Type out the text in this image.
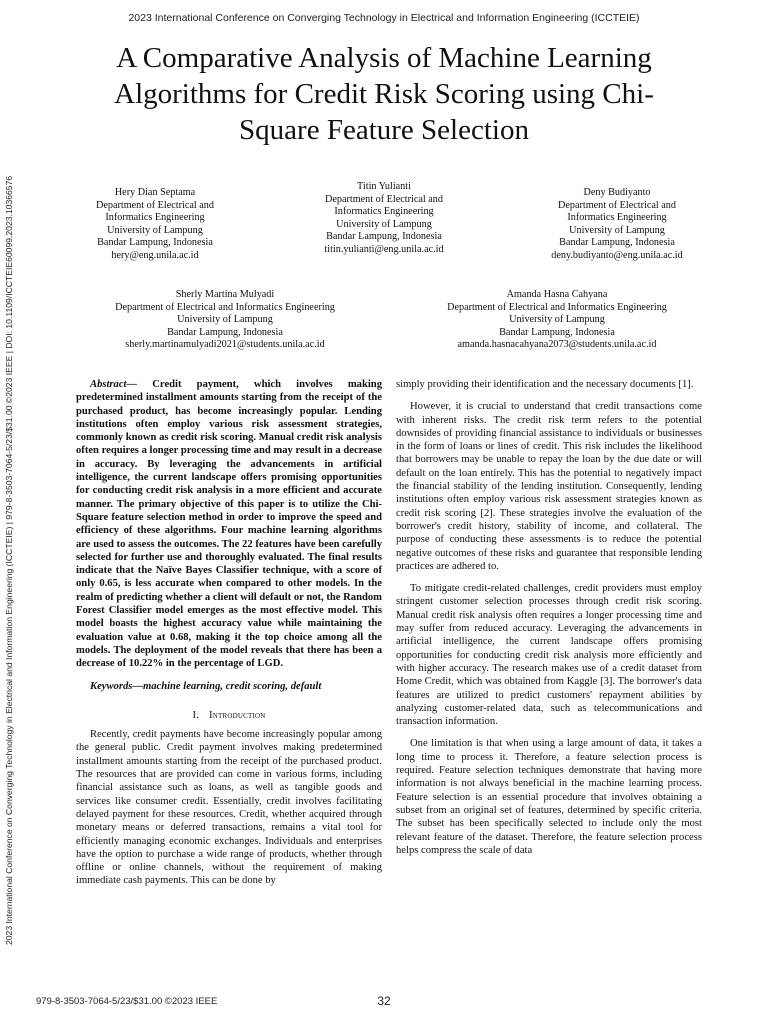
2023 International Conference on Converging Technology in Electrical and Information Engineering (ICCTEIE)
2023 International Conference on Converging Technology in Electrical and Information Engineering (ICCTEIE) | 979-8-3503-7064-5/23/$31.00 ©2023 IEEE | DOI: 10.1109/ICCTEIE60099.2023.10366576
A Comparative Analysis of Machine Learning
Algorithms for Credit Risk Scoring using Chi-
Square Feature Selection
Hery Dian Septama
Department of Electrical and
Informatics Engineering
University of Lampung
Bandar Lampung, Indonesia
hery@eng.unila.ac.id
Titin Yulianti
Department of Electrical and
Informatics Engineering
University of Lampung
Bandar Lampung, Indonesia
titin.yulianti@eng.unila.ac.id
Deny Budiyanto
Department of Electrical and
Informatics Engineering
University of Lampung
Bandar Lampung, Indonesia
deny.budiyanto@eng.unila.ac.id
Sherly Martina Mulyadi
Department of Electrical and Informatics Engineering
University of Lampung
Bandar Lampung, Indonesia
sherly.martinamulyadi2021@students.unila.ac.id
Amanda Hasna Cahyana
Department of Electrical and Informatics Engineering
University of Lampung
Bandar Lampung, Indonesia
amanda.hasnacahyana2073@students.unila.ac.id

Abstract— Credit payment, which involves making predetermined installment amounts starting from the receipt of the purchased product, has become increasingly popular. Lending institutions often employ various risk assessment strategies, commonly known as credit risk scoring. Manual credit risk analysis often requires a longer processing time and may result in a decrease in accuracy. By leveraging the advancements in artificial intelligence, the current landscape offers promising opportunities for conducting credit risk analysis in a more efficient and accurate manner. The primary objective of this paper is to utilize the Chi-Square feature selection method in order to improve the speed and efficiency of these algorithms. Four machine learning algorithms are used to assess the outcomes. The 22 features have been carefully selected for further use and thoroughly evaluated. The final results indicate that the Naïve Bayes Classifier technique, with a score of only 0.65, is less accurate when compared to other models. In the realm of predicting whether a client will default or not, the Random Forest Classifier model emerges as the most effective model. This model boasts the highest accuracy value while maintaining the evaluation value at 0.68, making it the top choice among all the models. The deployment of the model reveals that there has been a decrease of 10.22% in the percentage of LGD.

Keywords—machine learning, credit scoring, default

I. Introduction

Recently, credit payments have become increasingly popular among the general public. Credit payment involves making predetermined installment amounts starting from the receipt of the purchased product. The resources that are provided can come in various forms, including financial assistance such as loans, as well as tangible goods and services like consumer credit. Essentially, credit involves facilitating delayed payment for these resources. Credit, whether acquired through monetary means or deferred transactions, remains a vital tool for efficiently managing economic exchanges. Individuals and enterprises have the option to purchase a wide range of products, whether through offline or online channels, without the requirement of making immediate cash payments. This can be done by

simply providing their identification and the necessary documents [1].

However, it is crucial to understand that credit transactions come with inherent risks. The credit risk term refers to the potential downsides of providing financial assistance to individuals or businesses in the form of loans or lines of credit. This risk includes the likelihood that borrowers may be unable to repay the loan by the due date or will default on the loan entirely. This has the potential to negatively impact the financial stability of the lending institution. Consequently, lending institutions often employ various risk assessment strategies known as credit risk scoring [2]. These strategies involve the evaluation of the borrower's credit history, stability of income, and collateral. The purpose of conducting these assessments is to reduce the potential negative outcomes of these risks and guarantee that responsible lending practices are adhered to.

To mitigate credit-related challenges, credit providers must employ stringent customer selection processes through credit risk scoring. Manual credit risk analysis often requires a longer processing time and may suffer from reduced accuracy. Leveraging the advancements in artificial intelligence, the current landscape offers promising opportunities for conducting credit risk analysis more efficiently and with higher accuracy. The research makes use of a credit dataset from Home Credit, which was obtained from Kaggle [3]. The borrower's data features are utilized to predict customers' repayment abilities by analyzing customer-related data, such as telecommunications and transaction information.

One limitation is that when using a large amount of data, it takes a long time to process it. Therefore, a feature selection process is required. Feature selection techniques demonstrate that having more information is not always beneficial in the machine learning process. Feature selection is an essential procedure that involves obtaining a subset from an original set of features, determined by specific criteria. The subset has been specifically selected to include only the most relevant feature of the dataset. Therefore, the feature selection process helps compress the scale of data

979-8-3503-7064-5/23/$31.00 ©2023 IEEE	32
